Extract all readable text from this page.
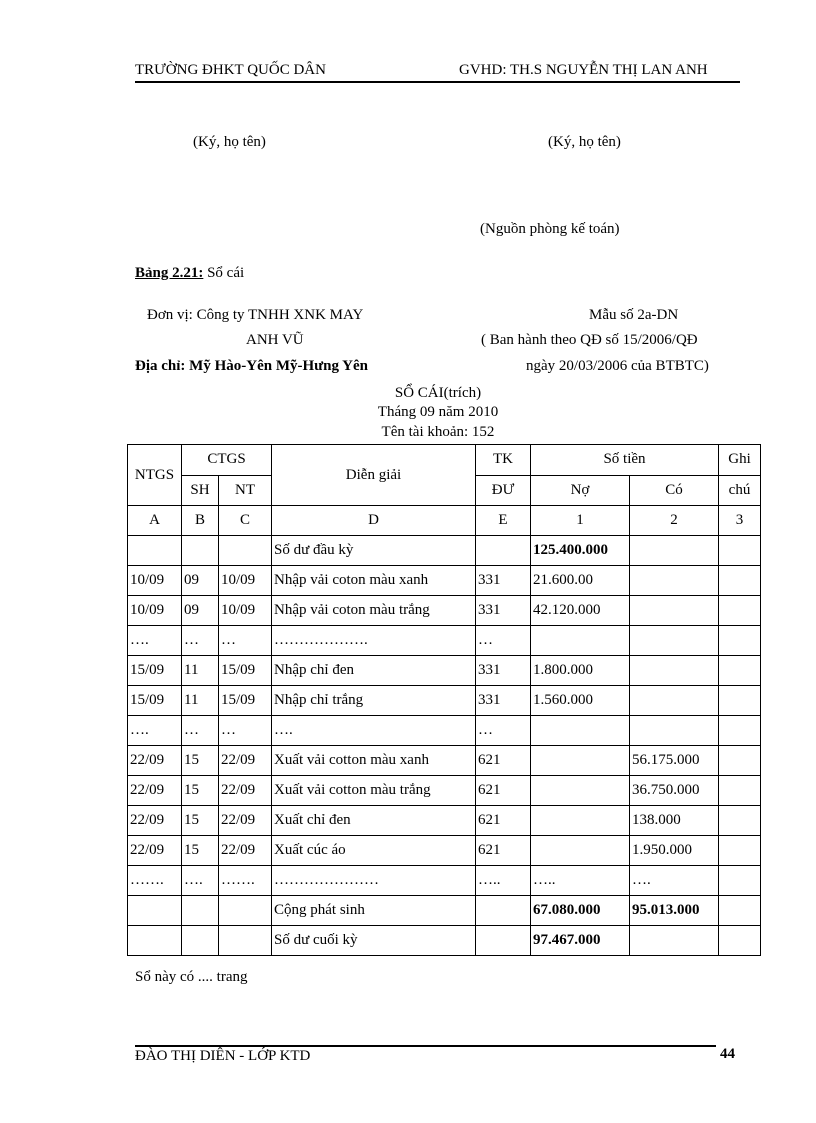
TRƯỜNG ĐHKT QUỐC DÂN	GVHD: TH.S NGUYỄN THỊ LAN ANH
(Ký, họ tên)	(Ký, họ tên)
(Nguồn phòng kế toán)
Bảng 2.21: Sổ cái
Đơn vị: Công ty TNHH XNK MAY
ANH VŨ
Địa chỉ: Mỹ Hào-Yên Mỹ-Hưng Yên
Mẫu số 2a-DN
( Ban hành theo QĐ số 15/2006/QĐ
ngày 20/03/2006 của BTBTC)
SỔ CÁI(trích)
Tháng 09 năm 2010
Tên tài khoản: 152
NTGS	CTGS		Diễn giải	TK	Số tiền		Ghi
	SH	NT		ĐƯ	Nợ	Có	chú
A	B	C	D	E	1	2	3
			Số dư đầu kỳ		125.400.000		
10/09	09	10/09	Nhập vải coton màu xanh	331	21.600.00		
10/09	09	10/09	Nhập vải coton màu trắng	331	42.120.000		
….	…	…	……………….	…			
15/09	11	15/09	Nhập chỉ đen	331	1.800.000		
15/09	11	15/09	Nhập chỉ trắng	331	1.560.000		
….	…	…	….	…			
22/09	15	22/09	Xuất vải cotton màu xanh	621		56.175.000	
22/09	15	22/09	Xuất vải cotton màu trắng	621		36.750.000	
22/09	15	22/09	Xuất chỉ đen	621		138.000	
22/09	15	22/09	Xuất cúc áo	621		1.950.000	
…….	….	…….	…………………	…..	…..	….	
			Cộng phát sinh		67.080.000	95.013.000	
			Số dư cuối kỳ		97.467.000		
Sổ này có .... trang
ĐÀO THỊ DIÊN - LỚP KTD	44
